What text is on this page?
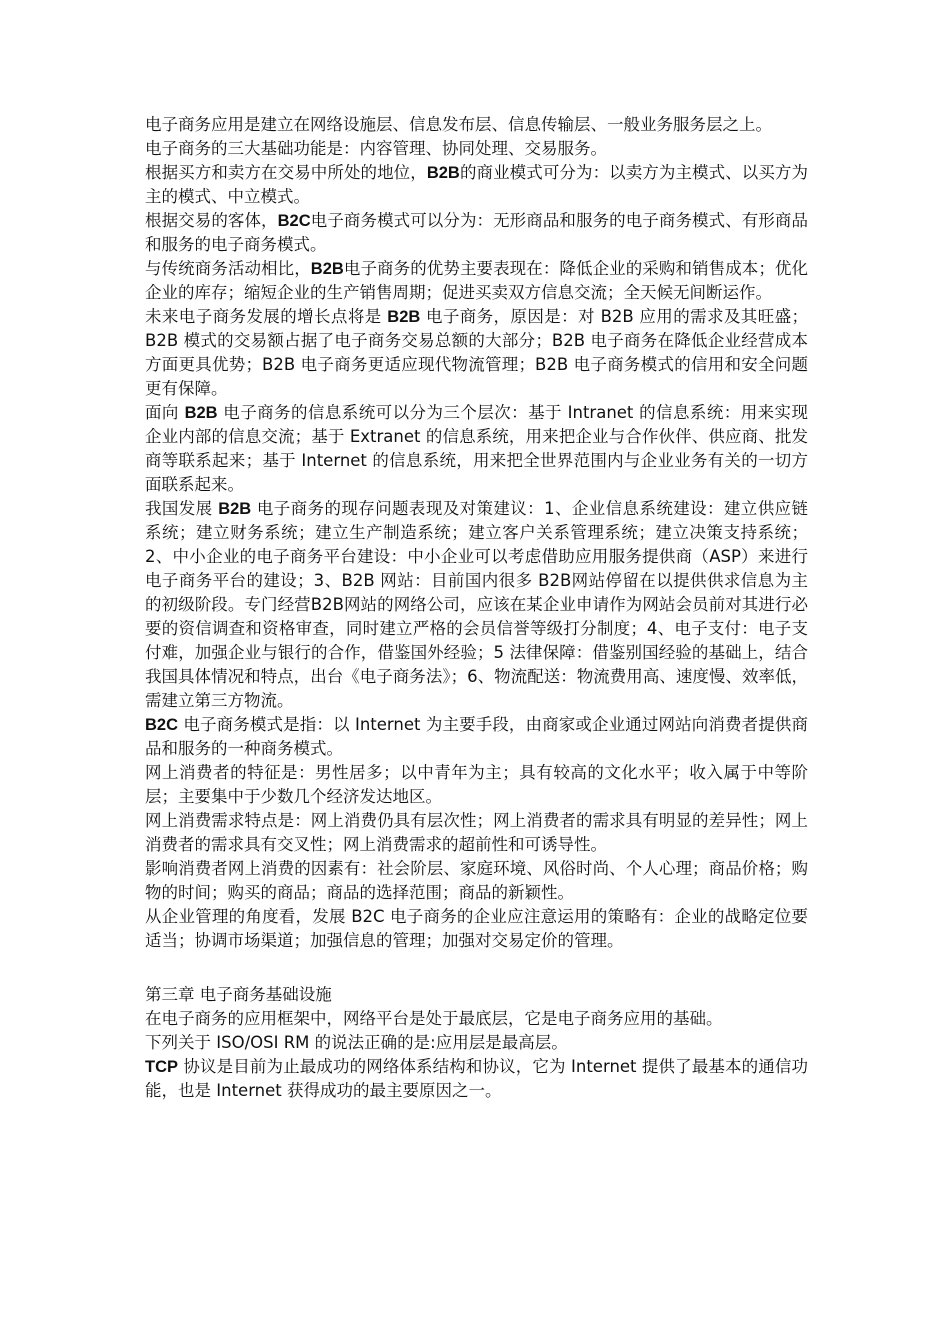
电子商务应用是建立在网络设施层、信息发布层、信息传输层、一般业务服务层之上。

电子商务的三大基础功能是：内容管理、协同处理、交易服务。

根据买方和卖方在交易中所处的地位，B2B的商业模式可分为：以卖方为主模式、以买方为主的模式、中立模式。

根据交易的客体，B2C电子商务模式可以分为：无形商品和服务的电子商务模式、有形商品和服务的电子商务模式。

与传统商务活动相比，B2B电子商务的优势主要表现在：降低企业的采购和销售成本；优化企业的库存；缩短企业的生产销售周期；促进买卖双方信息交流；全天候无间断运作。

未来电子商务发展的增长点将是 B2B 电子商务，原因是：对 B2B 应用的需求及其旺盛；B2B 模式的交易额占据了电子商务交易总额的大部分；B2B 电子商务在降低企业经营成本方面更具优势；B2B 电子商务更适应现代物流管理；B2B 电子商务模式的信用和安全问题更有保障。

面向 B2B 电子商务的信息系统可以分为三个层次：基于 Intranet 的信息系统：用来实现企业内部的信息交流；基于 Extranet 的信息系统，用来把企业与合作伙伴、供应商、批发商等联系起来；基于 Internet 的信息系统，用来把全世界范围内与企业业务有关的一切方面联系起来。

我国发展 B2B 电子商务的现存问题表现及对策建议：1、企业信息系统建设：建立供应链系统；建立财务系统；建立生产制造系统；建立客户关系管理系统；建立决策支持系统；2、中小企业的电子商务平台建设：中小企业可以考虑借助应用服务提供商（ASP）来进行电子商务平台的建设；3、B2B 网站：目前国内很多 B2B网站停留在以提供供求信息为主的初级阶段。专门经营B2B网站的网络公司，应该在某企业申请作为网站会员前对其进行必要的资信调查和资格审查，同时建立严格的会员信誉等级打分制度；4、电子支付：电子支付难，加强企业与银行的合作，借鉴国外经验；5 法律保障：借鉴别国经验的基础上，结合我国具体情况和特点，出台《电子商务法》；6、物流配送：物流费用高、速度慢、效率低，需建立第三方物流。

B2C 电子商务模式是指：以 Internet 为主要手段，由商家或企业通过网站向消费者提供商品和服务的一种商务模式。

网上消费者的特征是：男性居多；以中青年为主；具有较高的文化水平；收入属于中等阶层；主要集中于少数几个经济发达地区。

网上消费需求特点是：网上消费仍具有层次性；网上消费者的需求具有明显的差异性；网上消费者的需求具有交叉性；网上消费需求的超前性和可诱导性。

影响消费者网上消费的因素有：社会阶层、家庭环境、风俗时尚、个人心理；商品价格；购物的时间；购买的商品；商品的选择范围；商品的新颖性。

从企业管理的角度看，发展 B2C 电子商务的企业应注意运用的策略有：企业的战略定位要适当；协调市场渠道；加强信息的管理；加强对交易定价的管理。

第三章 电子商务基础设施

在电子商务的应用框架中，网络平台是处于最底层，它是电子商务应用的基础。

下列关于 ISO/OSI RM 的说法正确的是:应用层是最高层。

TCP 协议是目前为止最成功的网络体系结构和协议，它为 Internet 提供了最基本的通信功能，也是 Internet 获得成功的最主要原因之一。
